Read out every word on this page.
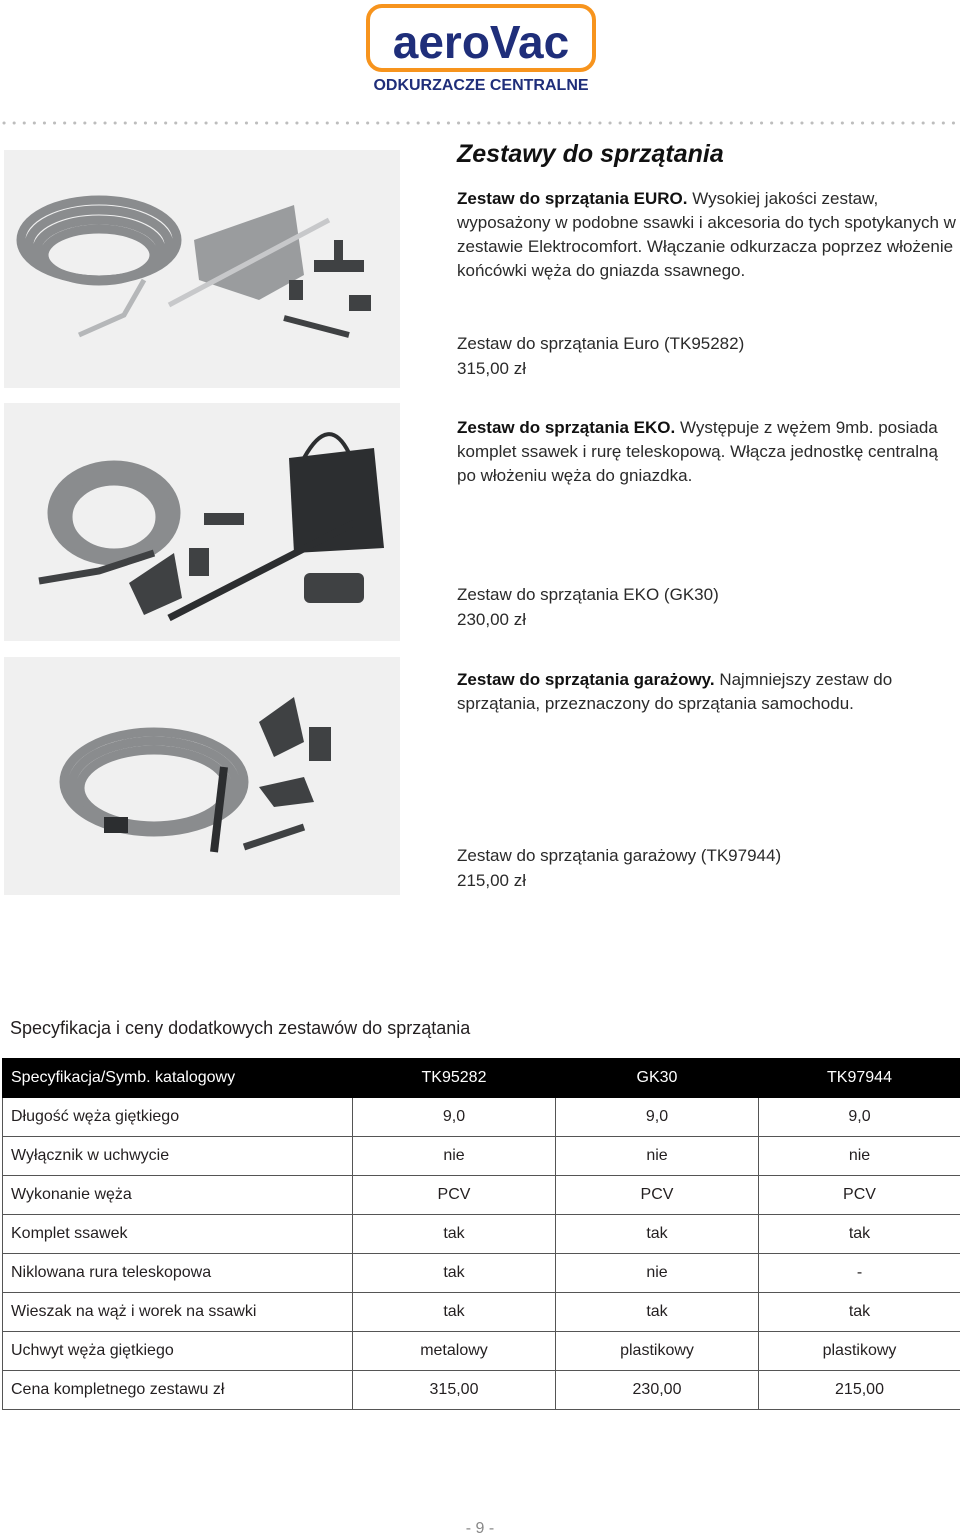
aeroVac
ODKURZACZE CENTRALNE
Zestawy do sprzątania

Zestaw do sprzątania EURO. Wysokiej jakości zestaw, wyposażony w podobne ssawki i akcesoria do tych spotykanych w zestawie Elektrocomfort. Włączanie odkurzacza poprzez włożenie końcówki węża do gniazda ssawnego.

Zestaw do sprzątania Euro (TK95282)
315,00 zł

Zestaw do sprzątania EKO. Występuje z wężem 9mb. posiada komplet ssawek i rurę teleskopową. Włącza jednostkę centralną po włożeniu węża do gniazdka.

Zestaw do sprzątania EKO (GK30)
230,00 zł

Zestaw do sprzątania garażowy. Najmniejszy zestaw do sprzątania, przeznaczony do sprzątania samochodu.

Zestaw do sprzątania garażowy (TK97944)
215,00 zł
Specyfikacja i ceny dodatkowych zestawów do sprzątania
Specyfikacja/Symb. katalogowy	TK95282	GK30	TK97944
Długość węża giętkiego	9,0	9,0	9,0
Wyłącznik w uchwycie	nie	nie	nie
Wykonanie węża	PCV	PCV	PCV
Komplet ssawek	tak	tak	tak
Niklowana rura teleskopowa	tak	nie	-
Wieszak na wąż i worek na ssawki	tak	tak	tak
Uchwyt węża giętkiego	metalowy	plastikowy	plastikowy
Cena kompletnego zestawu zł	315,00	230,00	215,00
- 9 -
